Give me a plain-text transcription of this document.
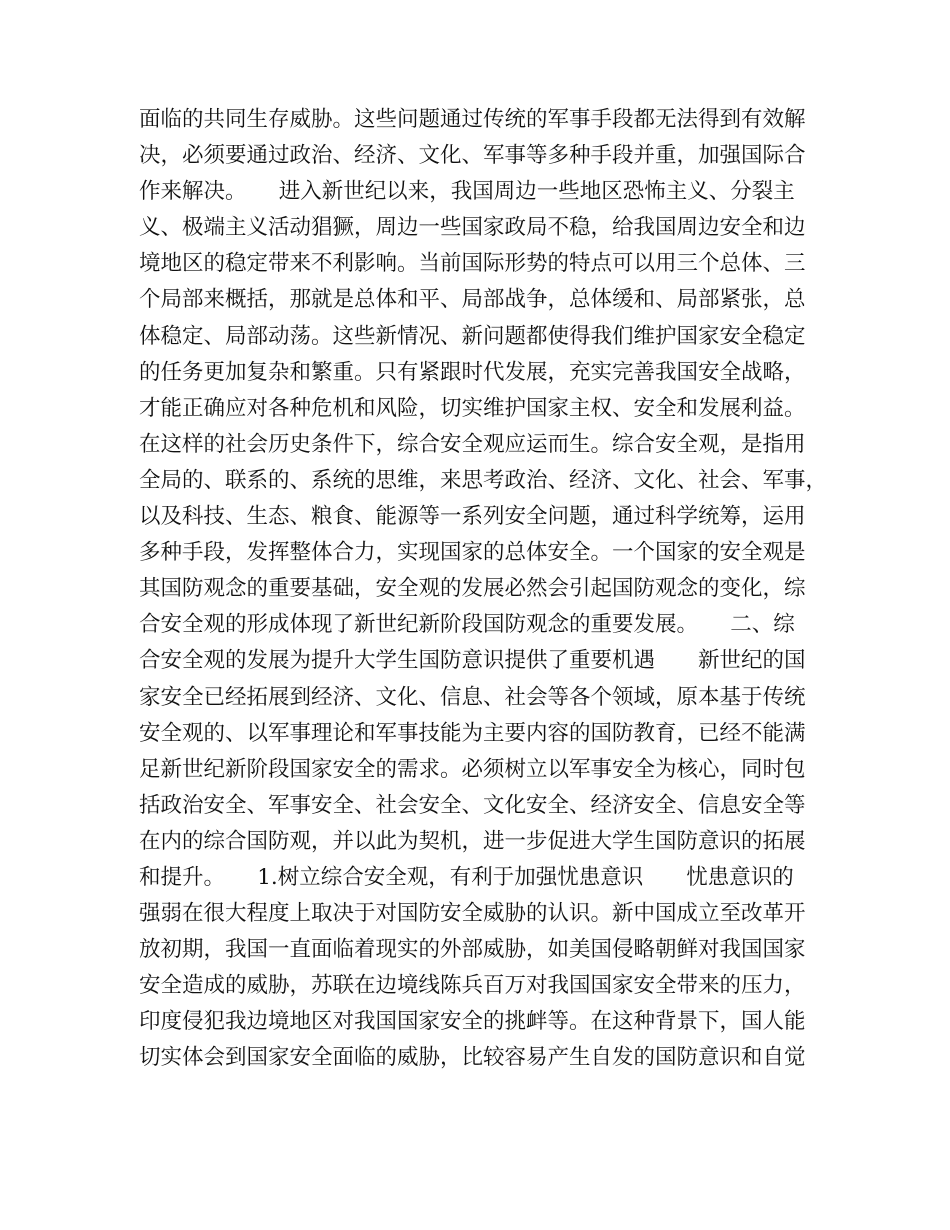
面临的共同生存威胁。这些问题通过传统的军事手段都无法得到有效解
决，必须要通过政治、经济、文化、军事等多种手段并重，加强国际合
作来解决。　　进入新世纪以来，我国周边一些地区恐怖主义、分裂主
义、极端主义活动猖獗，周边一些国家政局不稳，给我国周边安全和边
境地区的稳定带来不利影响。当前国际形势的特点可以用三个总体、三
个局部来概括，那就是总体和平、局部战争，总体缓和、局部紧张，总
体稳定、局部动荡。这些新情况、新问题都使得我们维护国家安全稳定
的任务更加复杂和繁重。只有紧跟时代发展，充实完善我国安全战略，
才能正确应对各种危机和风险，切实维护国家主权、安全和发展利益。
在这样的社会历史条件下，综合安全观应运而生。综合安全观，是指用
全局的、联系的、系统的思维，来思考政治、经济、文化、社会、军事，
以及科技、生态、粮食、能源等一系列安全问题，通过科学统筹，运用
多种手段，发挥整体合力，实现国家的总体安全。一个国家的安全观是
其国防观念的重要基础，安全观的发展必然会引起国防观念的变化，综
合安全观的形成体现了新世纪新阶段国防观念的重要发展。　　二、综
合安全观的发展为提升大学生国防意识提供了重要机遇　　新世纪的国
家安全已经拓展到经济、文化、信息、社会等各个领域，原本基于传统
安全观的、以军事理论和军事技能为主要内容的国防教育，已经不能满
足新世纪新阶段国家安全的需求。必须树立以军事安全为核心，同时包
括政治安全、军事安全、社会安全、文化安全、经济安全、信息安全等
在内的综合国防观，并以此为契机，进一步促进大学生国防意识的拓展
和提升。　　1.树立综合安全观，有利于加强忧患意识　　忧患意识的
强弱在很大程度上取决于对国防安全威胁的认识。新中国成立至改革开
放初期，我国一直面临着现实的外部威胁，如美国侵略朝鲜对我国国家
安全造成的威胁，苏联在边境线陈兵百万对我国国家安全带来的压力，
印度侵犯我边境地区对我国国家安全的挑衅等。在这种背景下，国人能
切实体会到国家安全面临的威胁，比较容易产生自发的国防意识和自觉
